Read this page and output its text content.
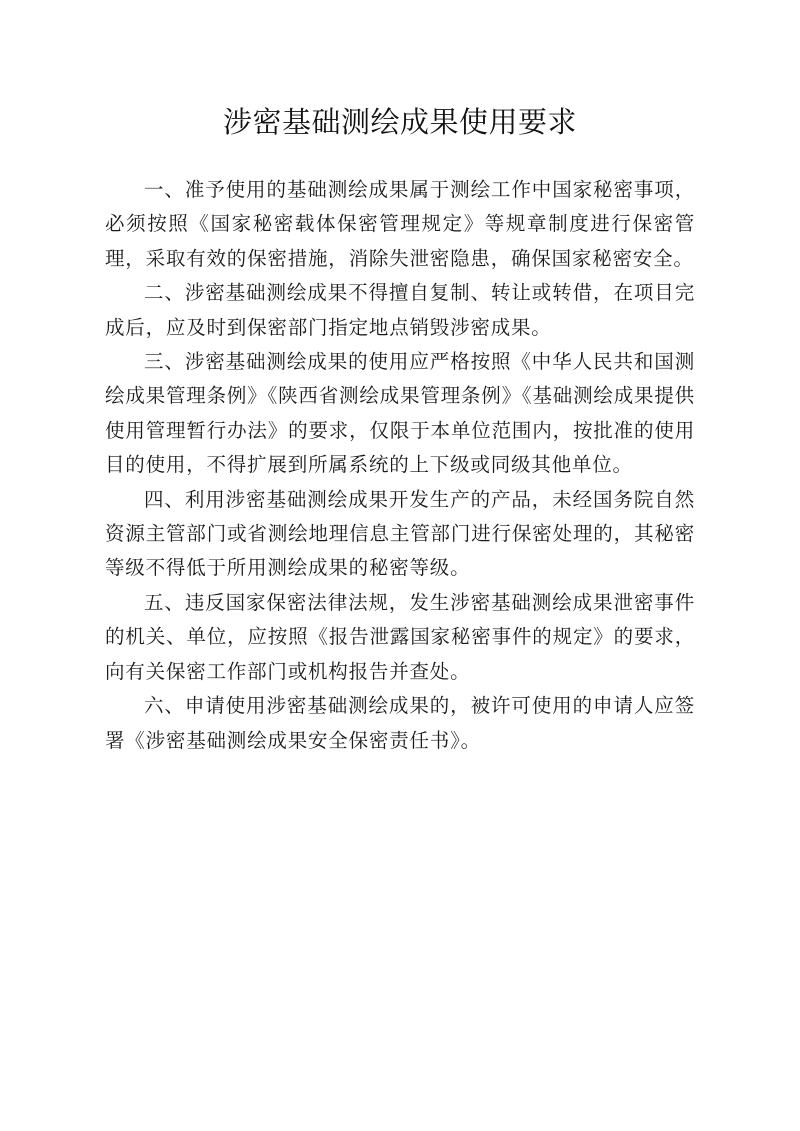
涉密基础测绘成果使用要求

一、准予使用的基础测绘成果属于测绘工作中国家秘密事项，必须按照《国家秘密载体保密管理规定》等规章制度进行保密管理，采取有效的保密措施，消除失泄密隐患，确保国家秘密安全。

二、涉密基础测绘成果不得擅自复制、转让或转借，在项目完成后，应及时到保密部门指定地点销毁涉密成果。

三、涉密基础测绘成果的使用应严格按照《中华人民共和国测绘成果管理条例》《陕西省测绘成果管理条例》《基础测绘成果提供使用管理暂行办法》的要求，仅限于本单位范围内，按批准的使用目的使用，不得扩展到所属系统的上下级或同级其他单位。

四、利用涉密基础测绘成果开发生产的产品，未经国务院自然资源主管部门或省测绘地理信息主管部门进行保密处理的，其秘密等级不得低于所用测绘成果的秘密等级。

五、违反国家保密法律法规，发生涉密基础测绘成果泄密事件的机关、单位，应按照《报告泄露国家秘密事件的规定》的要求，向有关保密工作部门或机构报告并查处。

六、申请使用涉密基础测绘成果的，被许可使用的申请人应签署《涉密基础测绘成果安全保密责任书》。
